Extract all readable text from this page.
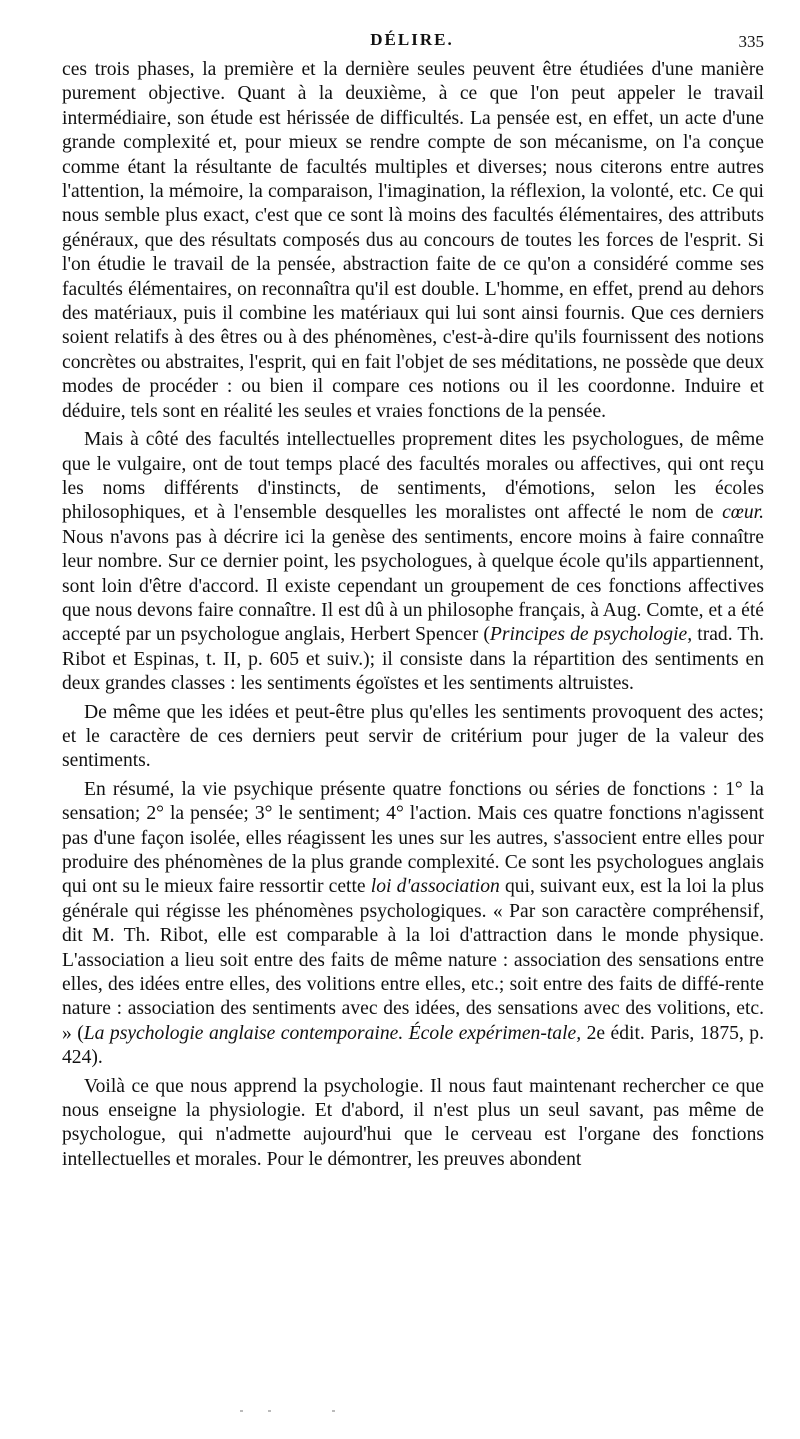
DÉLIRE.	335

ces trois phases, la première et la dernière seules peuvent être étudiées d'une manière purement objective. Quant à la deuxième, à ce que l'on peut appeler le travail intermédiaire, son étude est hérissée de difficultés. La pensée est, en effet, un acte d'une grande complexité et, pour mieux se rendre compte de son mécanisme, on l'a conçue comme étant la résultante de facultés multiples et diverses; nous citerons entre autres l'attention, la mémoire, la comparaison, l'imagination, la réflexion, la volonté, etc. Ce qui nous semble plus exact, c'est que ce sont là moins des facultés élémentaires, des attributs généraux, que des résultats composés dus au concours de toutes les forces de l'esprit. Si l'on étudie le travail de la pensée, abstraction faite de ce qu'on a considéré comme ses facultés élémentaires, on reconnaîtra qu'il est double. L'homme, en effet, prend au dehors des matériaux, puis il combine les matériaux qui lui sont ainsi fournis. Que ces derniers soient relatifs à des êtres ou à des phénomènes, c'est-à-dire qu'ils fournissent des notions concrètes ou abstraites, l'esprit, qui en fait l'objet de ses méditations, ne possède que deux modes de procéder : ou bien il compare ces notions ou il les coordonne. Induire et déduire, tels sont en réalité les seules et vraies fonctions de la pensée.

Mais à côté des facultés intellectuelles proprement dites les psychologues, de même que le vulgaire, ont de tout temps placé des facultés morales ou affectives, qui ont reçu les noms différents d'instincts, de sentiments, d'émotions, selon les écoles philosophiques, et à l'ensemble desquelles les moralistes ont affecté le nom de cœur. Nous n'avons pas à décrire ici la genèse des sentiments, encore moins à faire connaître leur nombre. Sur ce dernier point, les psychologues, à quelque école qu'ils appartiennent, sont loin d'être d'accord. Il existe cependant un groupement de ces fonctions affectives que nous devons faire connaître. Il est dû à un philosophe français, à Aug. Comte, et a été accepté par un psychologue anglais, Herbert Spencer (Principes de psychologie, trad. Th. Ribot et Espinas, t. II, p. 605 et suiv.); il consiste dans la répartition des sentiments en deux grandes classes : les sentiments égoïstes et les sentiments altruistes.

De même que les idées et peut-être plus qu'elles les sentiments provoquent des actes; et le caractère de ces derniers peut servir de critérium pour juger de la valeur des sentiments.

En résumé, la vie psychique présente quatre fonctions ou séries de fonctions : 1° la sensation; 2° la pensée; 3° le sentiment; 4° l'action. Mais ces quatre fonctions n'agissent pas d'une façon isolée, elles réagissent les unes sur les autres, s'associent entre elles pour produire des phénomènes de la plus grande complexité. Ce sont les psychologues anglais qui ont su le mieux faire ressortir cette loi d'association qui, suivant eux, est la loi la plus générale qui régisse les phénomènes psychologiques. « Par son caractère compréhensif, dit M. Th. Ribot, elle est comparable à la loi d'attraction dans le monde physique. L'association a lieu soit entre des faits de même nature : association des sensations entre elles, des idées entre elles, des volitions entre elles, etc.; soit entre des faits de diffé-rente nature : association des sentiments avec des idées, des sensations avec des volitions, etc. » (La psychologie anglaise contemporaine. École expérimen-tale, 2e édit. Paris, 1875, p. 424).

Voilà ce que nous apprend la psychologie. Il nous faut maintenant rechercher ce que nous enseigne la physiologie. Et d'abord, il n'est plus un seul savant, pas même de psychologue, qui n'admette aujourd'hui que le cerveau est l'organe des fonctions intellectuelles et morales. Pour le démontrer, les preuves abondent
